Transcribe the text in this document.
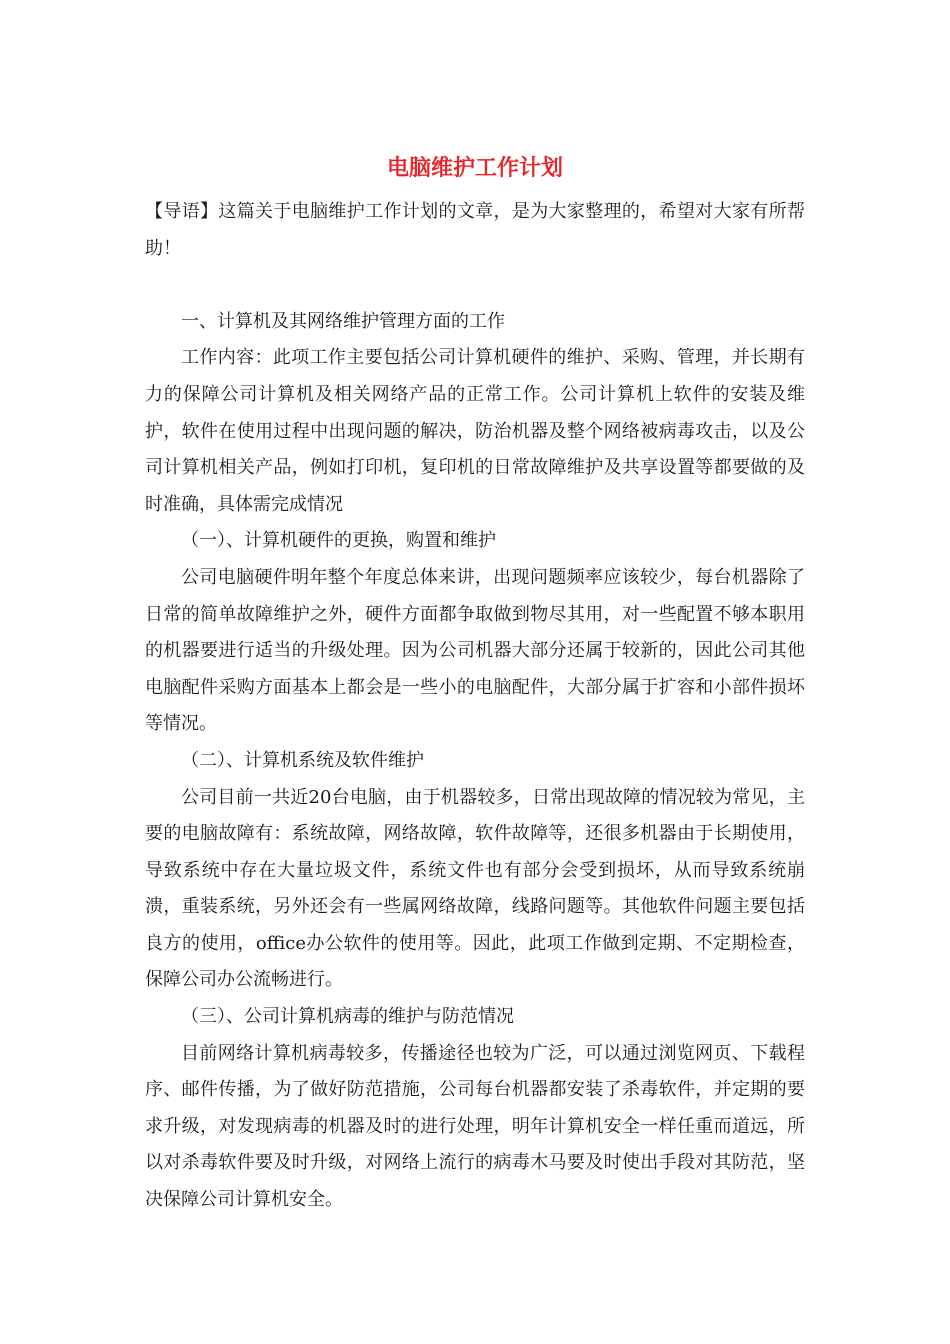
电脑维护工作计划

【导语】这篇关于电脑维护工作计划的文章，是为大家整理的，希望对大家有所帮助！

一、计算机及其网络维护管理方面的工作

工作内容：此项工作主要包括公司计算机硬件的维护、采购、管理，并长期有力的保障公司计算机及相关网络产品的正常工作。公司计算机上软件的安装及维护，软件在使用过程中出现问题的解决，防治机器及整个网络被病毒攻击，以及公司计算机相关产品，例如打印机，复印机的日常故障维护及共享设置等都要做的及时准确，具体需完成情况

（一）、计算机硬件的更换，购置和维护

公司电脑硬件明年整个年度总体来讲，出现问题频率应该较少，每台机器除了日常的简单故障维护之外，硬件方面都争取做到物尽其用，对一些配置不够本职用的机器要进行适当的升级处理。因为公司机器大部分还属于较新的，因此公司其他电脑配件采购方面基本上都会是一些小的电脑配件，大部分属于扩容和小部件损坏等情况。

（二）、计算机系统及软件维护

公司目前一共近20台电脑，由于机器较多，日常出现故障的情况较为常见，主要的电脑故障有：系统故障，网络故障，软件故障等，还很多机器由于长期使用，导致系统中存在大量垃圾文件，系统文件也有部分会受到损坏，从而导致系统崩溃，重装系统，另外还会有一些属网络故障，线路问题等。其他软件问题主要包括良方的使用，office办公软件的使用等。因此，此项工作做到定期、不定期检查，保障公司办公流畅进行。

（三）、公司计算机病毒的维护与防范情况

目前网络计算机病毒较多，传播途径也较为广泛，可以通过浏览网页、下载程序、邮件传播，为了做好防范措施，公司每台机器都安装了杀毒软件，并定期的要求升级，对发现病毒的机器及时的进行处理，明年计算机安全一样任重而道远，所以对杀毒软件要及时升级，对网络上流行的病毒木马要及时使出手段对其防范，坚决保障公司计算机安全。
